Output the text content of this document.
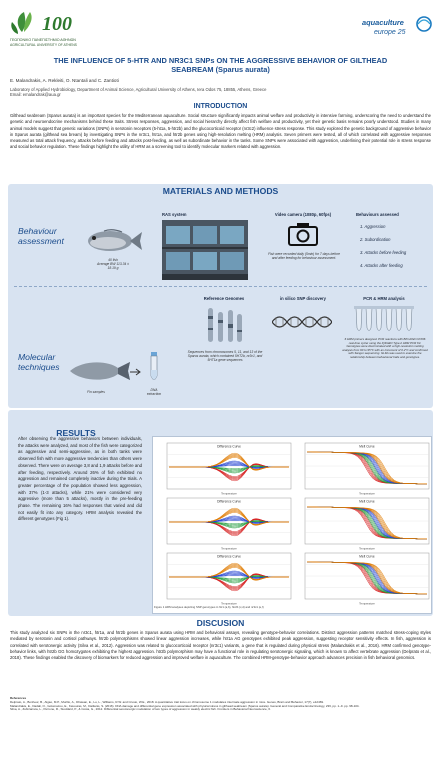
100
ΓΕΩΠΟΝΙΚΟ ΠΑΝΕΠΙΣΤΗΜΙΟ ΑΘΗΝΩΝ
AGRICULTURAL UNIVERSITY OF ATHENS
aquaculture
europe 25
THE INFLUENCE OF 5-HTR AND NR3C1 SNPs ON THE AGGRESSIVE BEHAVIOR OF GILTHEAD
SEABREAM (Sparus aurata)
E. Malandrakis, A. Rekleiti, O. Ntantali and C. Zantioti
Laboratory of Applied Hydrobiology, Department of Animal Science, Agricultural University of Athens, Iera Odos 75, 18855, Athens, Greece
Email: emalandrak@aua.gr
INTRODUCTION
Gilthead seabream (Sparus aurata) is an important species for the Mediterranean aquaculture. Social structure significantly impacts animal welfare and productivity in intensive farming, underscoring the need to understand the genetic and neuroendocrine mechanisms behind these traits. Stress responses, aggression, and social hierarchy directly affect fish welfare and productivity, yet their genetic basis remains poorly understood. Studies in many animal models suggest that genetic variations (SNPs) in serotonin receptors (5-ht1a, 5-htr2b) and the glucocorticoid receptor (nr3c2) influence stress response. This study explored the genetic background of aggressive behavior in Sparus aurata (gilthead sea bream) by investigating SNPs in the nr3c1, htr1a, and htr2b genes using high-resolution melting (HRM) analysis. Seven primers were tested, all of which correlated with aggressive responses measured as total attack frequency, attacks before feeding and attacks post-feeding, as well as subordinate behavior in the tanks. Some SNPs were associated with aggression, underlining their potential role in stress response and social behavior regulation. These findings highlight the utility of HRM as a screening tool to identify molecular markers related with aggression.
MATERIALS AND METHODS
Behaviour
assessment
40 fish
Average BW 113.34 ±
18.19 g
RAS system	Video camera (1080p, 60fps)
Fish were recorded daily (5min) for 7 days before and after feeding for behaviour assessment.
Behaviours assessed
1. Aggression
2. Subordination
3. Attacks before feeding
4. Attacks after feeding
Molecular
techniques
Fin samples	DNA
extraction
Reference Genomes
Sequences from chromosomes 5, 11, and 13 of the Sparus aurata, which contained 5HT2b, nr3c1, and 5HT1a gene sequences
in silico SNP discovery	PCR & HRM analysis
6 HRM primers designed. PCR reactions with BIO-RAD CFX96 real-time cycler using the iQ4GEN Type-it HRM PCR Kit. Genotypes were discriminated with a high-resolution melting analysis from 60 to 95°C with an increment of 0.2°C and confirmed with Sanger sequencing. GLMs was used to examine the relationship between behavioural traits and genotypes.
RESULTS
After observing the aggressive behaviors between individuals, the attacks were analyzed, and most of the fish were categorized as aggressive and semi-aggressive, as in both tanks were observed fish with more aggressive tendencies than others were observed. There were on average 3,8 and 1,9 attacks before and after feeding, respectively. Around 26% of fish exhibited no aggression and remained completely inactive during the trials. A greater percentage of the population showed less aggression, with 37% (1-3 attacks), while 21% were considered very aggressive (more than 5 attacks), mostly in the pre-feeding phase. The remaining 16% had responses that varied and did not easily fit into any category. HRM analysis revealed the different genotypes (Fig 1).
Difference Curve
Temperature
Melt Curve
Temperature
Difference Curve
Temperature
Melt Curve
Temperature
Difference Curve
Temperature
Melt Curve
Temperature
Figure 1 HRM analyses depicting SNP genotypes in htr1 (a,b), htr2b (c,d) and nr3c1 (e,f)
DISCUSION
This study analyzed six SNPs in the nr3c1, htr1a, and htr2b genes in Sparus aurata using HRM and behavioral assays, revealing genotype-behavior correlations. Distinct aggression patterns matched stress-coping styles mediated by serotonin and cortisol pathways. htr2b polymorphisms showed linear aggression increases, while htr1a AG genotypes exhibited peak aggression, suggesting receptor sensitivity effects. In fish, aggression is correlated with serotonergic activity (Silva et al., 2012). Aggression was related to glucocorticoid receptor (nr3c1) variants, a gene that is regulated during physical stress (Malandrakis et al., 2016). HRM confirmed genotype-behavior links, with htr2b GG homozygotes exhibiting the highest aggression. htr2b polymorphism may have a functional role in regulating serotonergic signaling, which is known to affect vertebrate aggression (Delprato et al., 2018). These findings enabled the discovery of biomarkers for reduced aggression and improved welfare in aquaculture. The combined HRM-genotype-behavior approach advances precision in fish behavioral genomics.
References
Delprato, A., Bonheur, B., Algéo, M.P., Murillo, A., Dhawan, E., Lu, L., Williams, R.W. and Crusio, W.E., 2018. A quantitative trait locus on chromosome 1 modulates intermale aggression in mice. Genes, Brain and Behavior, 17(7), e12469.
Malandrakis, E., Dadali, O., Golomazou, E., Kavouras, M., Dailianis, S. (2016). DNA damage and differential gene expression associated with physical stress in gilthead seabream (Sparus aurata). General and Comparative Endocrinology, 236, pp. 1–9. pp. 98-104.
Silva, A., Zubizarreta, L., Perrone, R., Stoddard, P., & Costa, G., 2012. Differential serotonergic modulation of two types of aggression in weakly electric fish. Frontiers in Behavioral Neuroscience, 6.
